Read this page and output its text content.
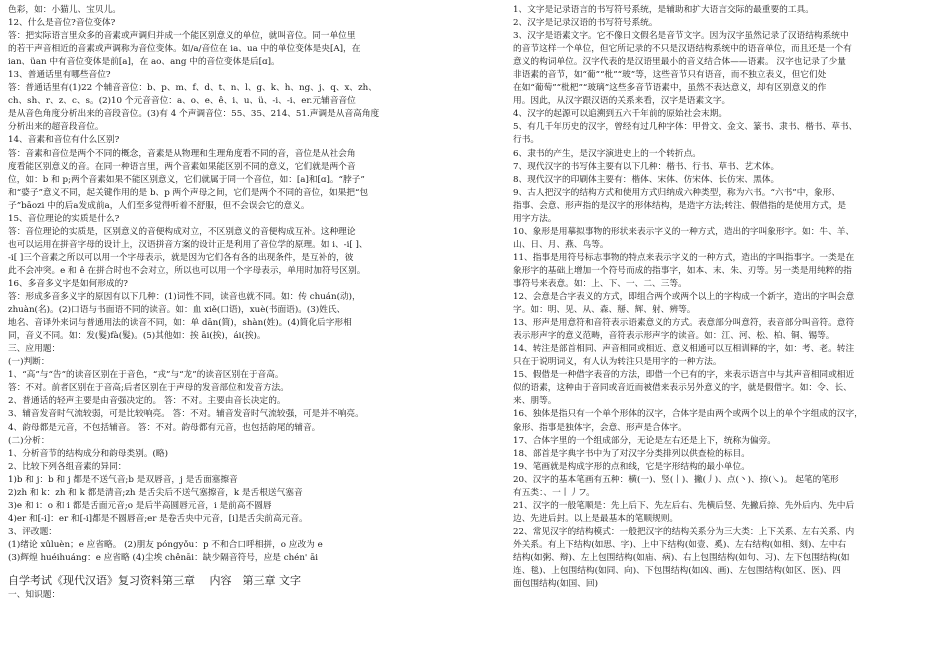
色彩，如：小猫儿、宝贝儿。
12、什么是音位?音位变体?
答：把实际语言里众多的音素或声调归并成一个能区别意义的单位，就叫音位。同一单位里
的若干声音相近的音素或声调称为音位变体。如/a/音位在 ia、ua 中的单位变体是央[A]，在
ian、üan 中有音位变体是前[a]，在 ao、ang 中的音位变体是后[ɑ]。
13、普通话里有哪些音位?
答：普通话里有(1)22 个辅音音位：b、p、m、f、d、t、n、l、g、k、h、ng、j、q、x、zh、
ch、sh、r、z、c、s。(2)10 个元音音位：a、o、e、ê、i、u、ü、-i、-i、er.元辅音音位
是从音色角度分析出来的音段音位。(3)有 4 个声调音位：55、35、214、51.声调是从音高角度
分析出来的超音段音位。
14、音素和音位有什么区别?
答：音素和音位是两个不同的概念，音素是从物理和生理角度看不同的音，音位是从社会角
度看能区别意义的音。在同一种语言里，两个音素如果能区别不同的意义，它们就是两个音
位，如：b 和 p;两个音素如果不能区别意义，它们就属于同一个音位，如：[a]和[ɑ]。“脖子”
和“婆子”意义不同，起关键作用的是 b、p 两个声母之间，它们是两个不同的音位，如果把“包
子”bāozi 中的后a发成前a，人们至多觉得听着不舒服，但不会误会它的意义。
15、音位理论的实质是什么?
答：音位理论的实质是，区别意义的音便构成对立，不区别意义的音便构成互补。这种理论
也可以运用在拼音字母的设计上，汉语拼音方案的设计正是利用了音位学的原理。如 i、-i[ ]、
-i[ ]三个音素之所以可以用一个字母表示，就是因为它们各有各的出现条件，是互补的，彼
此不会冲突。e 和 ê 在拼合时也不会对立，所以也可以用一个字母表示，单用时加符号区别。
16、多音多义字是如何形成的?
答：形成多音多义字的原因有以下几种：(1)词性不同，读音也就不同。如：传 chuán(动)，
zhuàn(名)。(2)口语与书面语不同的读音。如：血 xiě(口语)，xuè(书面语)。(3)姓氏、
地名、音译外来词与普通用法的读音不同，如：单 dān(简)，shàn(姓)。(4)简化后字形相
同，音义不同。如：发(髮)fà(髮)。(5)其他如：挨 āi(挨)，ái(挨)。
三、应用题：
(一)判断：
1、“高”与“告”的读音区别在于音色，“戎”与“龙”的读音区别在于音高。
答：不对。前者区别在于音高;后者区别在于声母的发音部位和发音方法。
2、普通话的轻声主要是由音强决定的。 答：不对。主要由音长决定的。
3、辅音发音时气流较弱，可是比较响亮。 答：不对。辅音发音时气流较强，可是并不响亮。
4、韵母都是元音，不包括辅音。 答：不对。韵母都有元音，也包括韵尾的辅音。
(二)分析：
1、分析音节的结构成分和韵母类别。(略)
2、比较下列各组音素的异同：
1)b 和 j：b 和 j 都是不送气音;b 是双唇音，j 是舌面塞擦音
2)zh 和 k：zh 和 k 都是清音;zh 是舌尖后不送气塞擦音，k 是舌根送气塞音
3)e 和 i：o 和 i 都是舌面元音;o 是后半高圆唇元音，i 是前高不圆唇
4)er 和[-i]：er 和[-i]都是不圆唇音;er 是卷舌央中元音，[i]是舌尖前高元音。
3、评改题：
(1)绪论 xûluèn；e 应省略。 (2)朋友 póngyǒu：p 不和合口呼相拼，o 应改为 e
(3)辉煌 huéihuáng：e 应省略 (4)尘埃 chênāi：缺少隔音符号，应是 chén' āi
自学考试《现代汉语》复习资料第三章　 内容　第三章 文字
一、知识题：
1、文字是记录语言的书写符号系统，是辅助和扩大语言交际的最重要的工具。
2、汉字是记录汉语的书写符号系统。
3、汉字是语素文字。它不像日文假名是音节文字。因为汉字虽然记录了汉语结构系统中
的音节这样一个单位，但它所记录的不只是汉语结构系统中的语音单位，而且还是一个有
意义的构词单位。汉字代表的是汉语里最小的音义结合体——语素。 汉字也记录了少量
非语素的音节，如“葡”“枇”“玻”等，这些音节只有语音，而不独立表义，但它们处
在如“葡萄”“枇杷”“玻璃”这些多音节语素中，虽然不表达意义，却有区别意义的作
用。因此，从汉字跟汉语的关系来看，汉字是语素文字。
4、汉字的起源可以追溯到五六千年前的原始社会末期。
5、有几千年历史的汉字，曾经有过几种字体：甲骨文、金文、篆书、隶书、楷书、草书、
行书。
6、隶书的产生，是汉字演进史上的一个转折点。
7、现代汉字的书写体主要有以下几种：楷书、行书、草书、艺术体。
8、现代汉字的印刷体主要有：楷体、宋体、仿宋体、长仿宋、黑体。
9、古人把汉字的结构方式和使用方式归纳成六种类型，称为六书。“六书”中，象形、
指事、会意、形声指的是汉字的形体结构，是造字方法;转注、假借指的是使用方式，是
用字方法。
10、象形是用摹拟事物的形状来表示字义的一种方式，造出的字叫象形字。如：牛、羊、
山、日、月、燕、鸟等。
11、指事是用符号标志事物的特点来表示字义的一种方式，造出的字叫指事字。一类是在
象形字的基础上增加一个符号而成的指事字，如本、末、朱、刃等。另一类是用纯粹的指
事符号来表意。如：上、下、一、二、三等。
12、会意是合字表义的方式，即组合两个或两个以上的字构成一个新字，造出的字叫会意
字。如：明、见、从、森、掰、辉、射、辨等。
13、形声是用意符和音符表示语素意义的方式。表意部分叫意符，表音部分叫音符。意符
表示形声字的意义范畴，音符表示形声字的读音。如：江、河、松、柏、铜、锡等。
14、转注是部首相同、声音相同或相近、意义相通可以互相训释的字，如：考、老。转注
只在于说明词义，有人认为转注只是用字的一种方法。
15、假借是一种借字表音的方法，即借一个已有的字，来表示语言中与其声音相同或相近
似的语素，这种由于音同或音近而被借来表示另外意义的字，就是假借字。如：令、长、
来、朋等。
16、独体是指只有一个单个形体的汉字，合体字是由两个或两个以上的单个字组成的汉字，
象形、指事是独体字，会意、形声是合体字。
17、合体字里的一个组成部分，无论是左右还是上下，统称为偏旁。
18、部首是字典字书中为了对汉字分类排列以供查检的标目。
19、笔画就是构成字形的点和线，它是字形结构的最小单位。
20、汉字的基本笔画有五种：横(一)、竖(丨)、撇(丿)、点(丶)、捺(㇏)。 起笔的笔形
有五类：、一丨丿フ。
21、汉字的一般笔顺是：先上后下、先左后右、先横后竖、先撇后捺、先外后内、先中后
边、先进后封。以上是最基本的笔顺规则。
22、常见汉字的结构模式：一般把汉字的结构关系分为三大类：上下关系、左右关系、内
外关系。有上下结构(如思、字)、上中下结构(如壹、奚)、左右结构(如相、刻)、左中右
结构(如粥、辩)、左上包围结构(如庙、病)、右上包围结构(如句、习)、左下包围结构(如
连、毯)、上包围结构(如同、向)、下包围结构(如凶、画)、左包围结构(如区、医)、四
面包围结构(如国、回)
